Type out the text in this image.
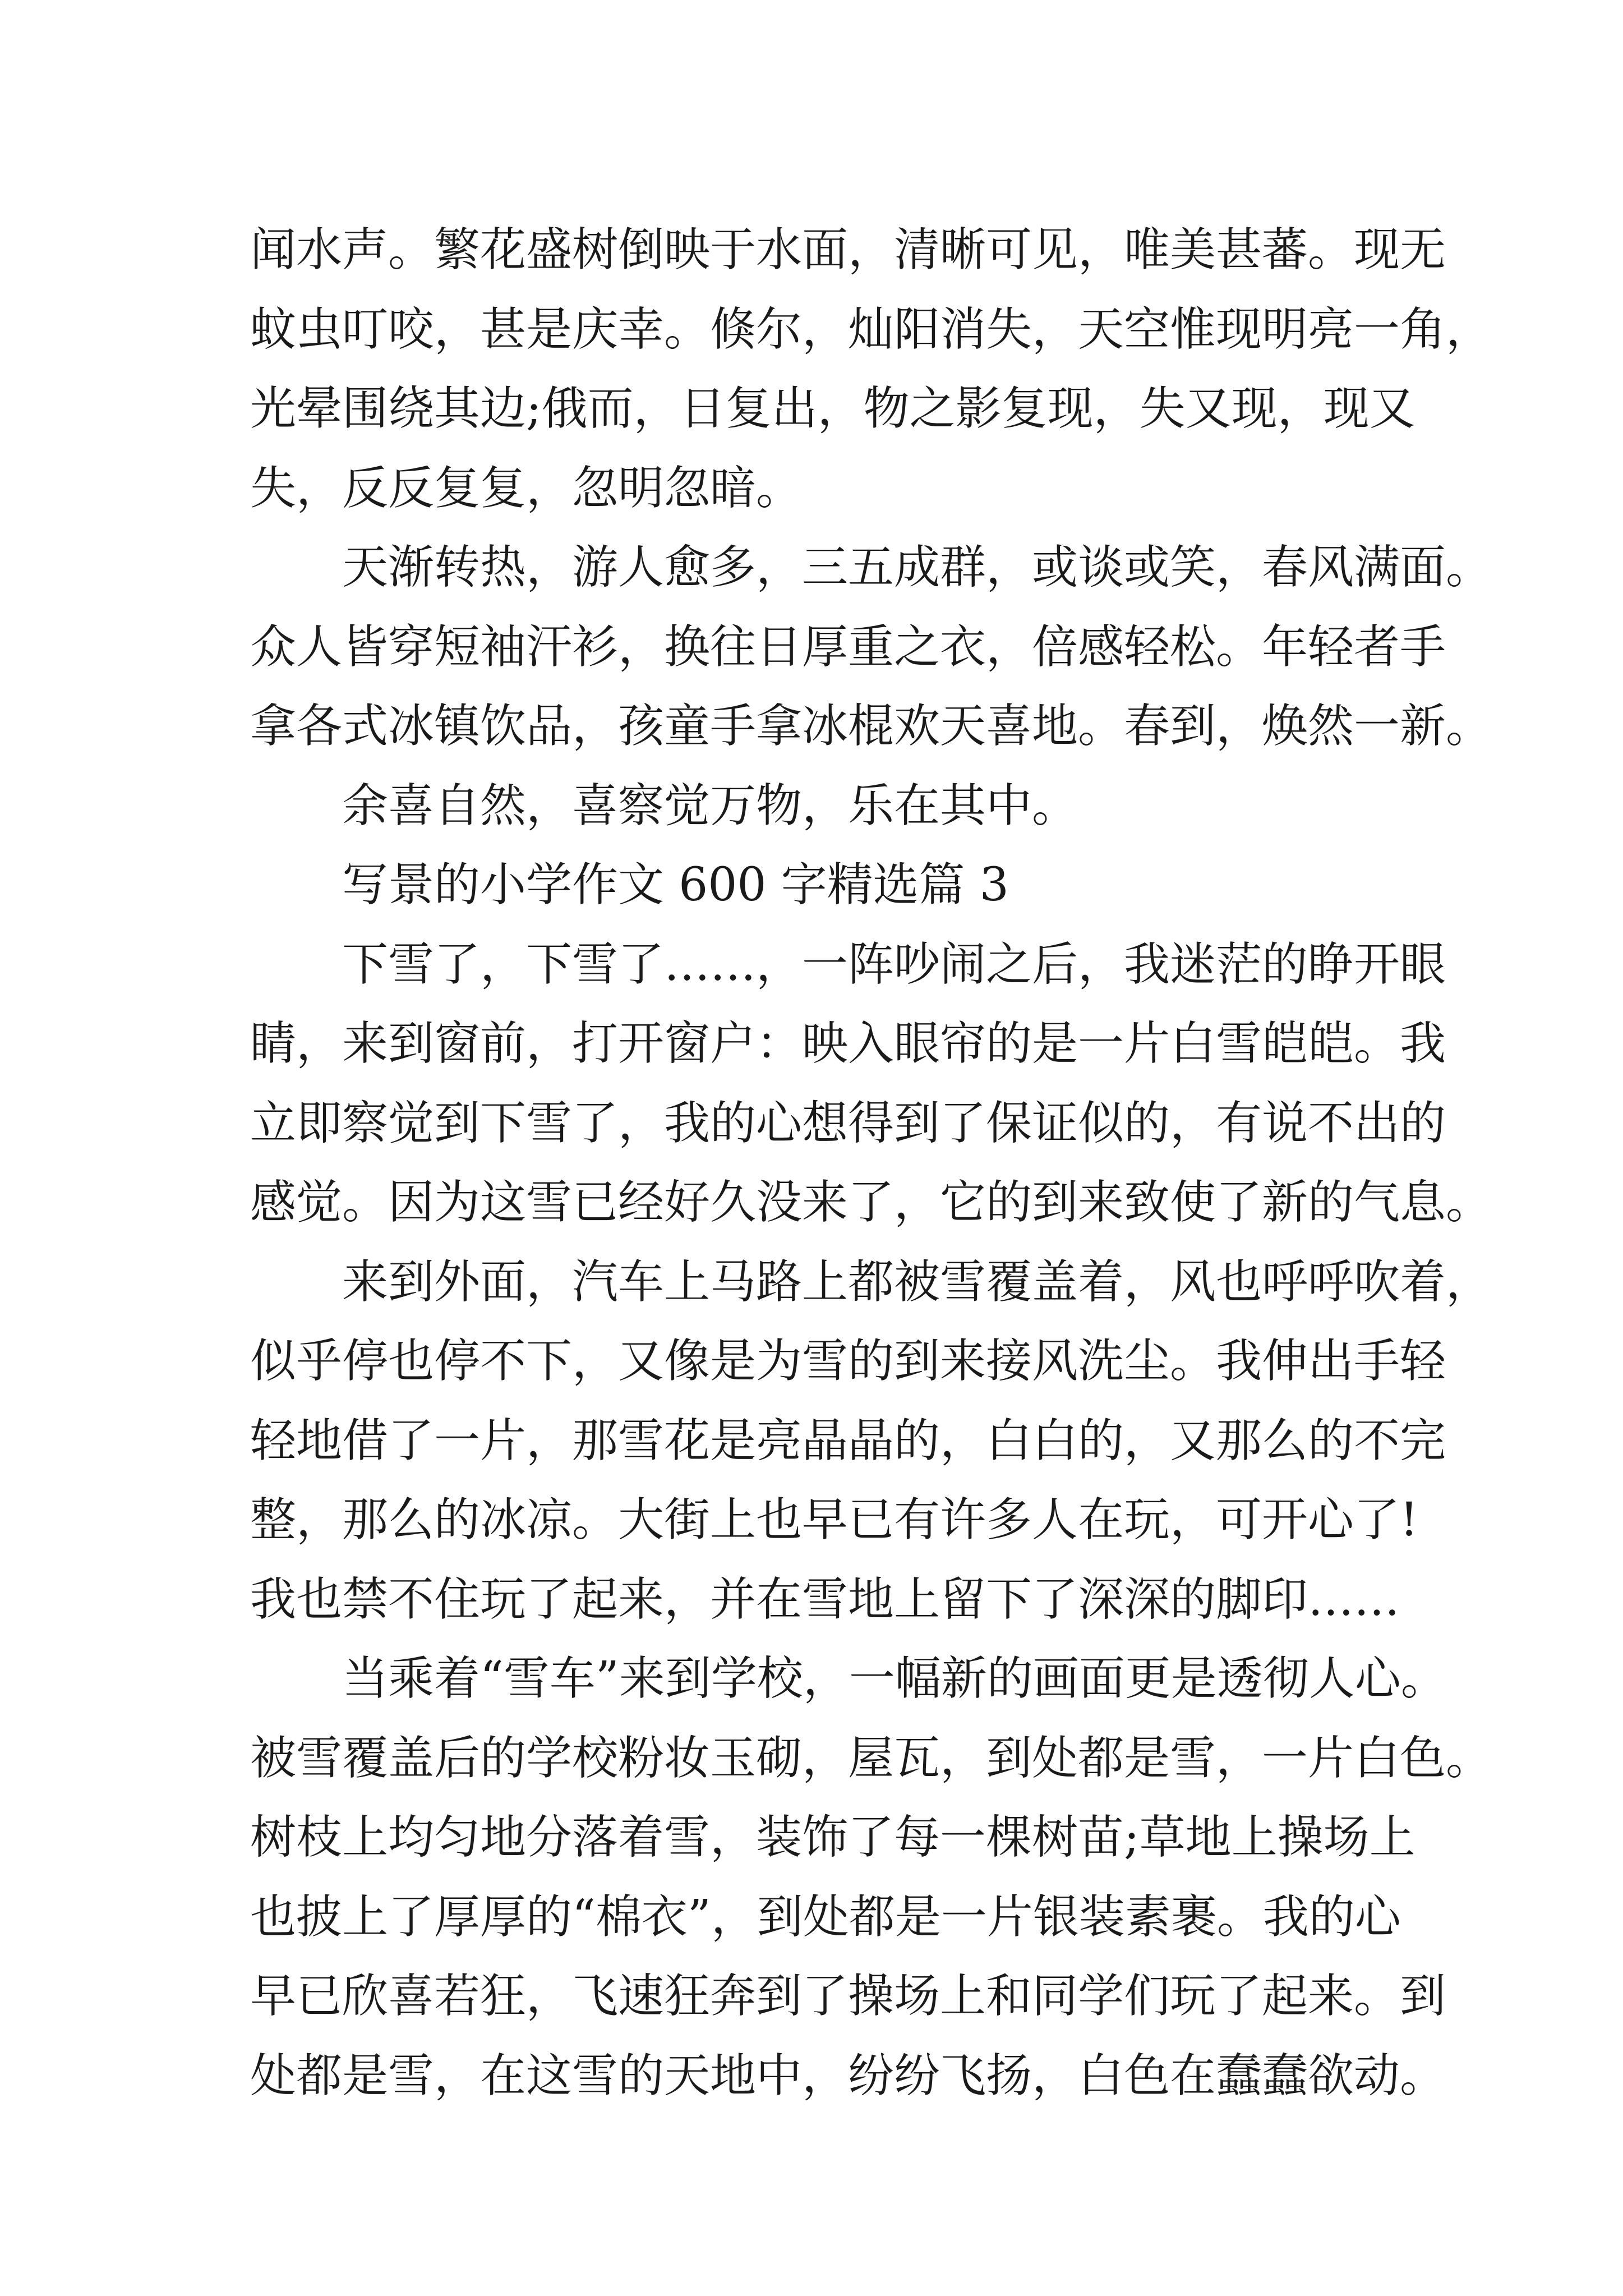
闻水声。繁花盛树倒映于水面，清晰可见，唯美甚蕃。现无
蚊虫叮咬，甚是庆幸。倏尔，灿阳消失，天空惟现明亮一角，
光晕围绕其边;俄而，日复出，物之影复现，失又现，现又
失，反反复复，忽明忽暗。
天渐转热，游人愈多，三五成群，或谈或笑，春风满面。
众人皆穿短袖汗衫，换往日厚重之衣，倍感轻松。年轻者手
拿各式冰镇饮品，孩童手拿冰棍欢天喜地。春到，焕然一新。
余喜自然，喜察觉万物，乐在其中。
写景的小学作文 600 字精选篇 3
下雪了，下雪了……，一阵吵闹之后，我迷茫的睁开眼
睛，来到窗前，打开窗户：映入眼帘的是一片白雪皑皑。我
立即察觉到下雪了，我的心想得到了保证似的，有说不出的
感觉。因为这雪已经好久没来了，它的到来致使了新的气息。
来到外面，汽车上马路上都被雪覆盖着，风也呼呼吹着，
似乎停也停不下，又像是为雪的到来接风洗尘。我伸出手轻
轻地借了一片，那雪花是亮晶晶的，白白的，又那么的不完
整，那么的冰凉。大街上也早已有许多人在玩，可开心了!
我也禁不住玩了起来，并在雪地上留下了深深的脚印……
当乘着“雪车”来到学校，一幅新的画面更是透彻人心。
被雪覆盖后的学校粉妆玉砌，屋瓦，到处都是雪，一片白色。
树枝上均匀地分落着雪，装饰了每一棵树苗;草地上操场上
也披上了厚厚的“棉衣”，到处都是一片银装素裹。我的心
早已欣喜若狂，飞速狂奔到了操场上和同学们玩了起来。到
处都是雪，在这雪的天地中，纷纷飞扬，白色在蠢蠢欲动。
